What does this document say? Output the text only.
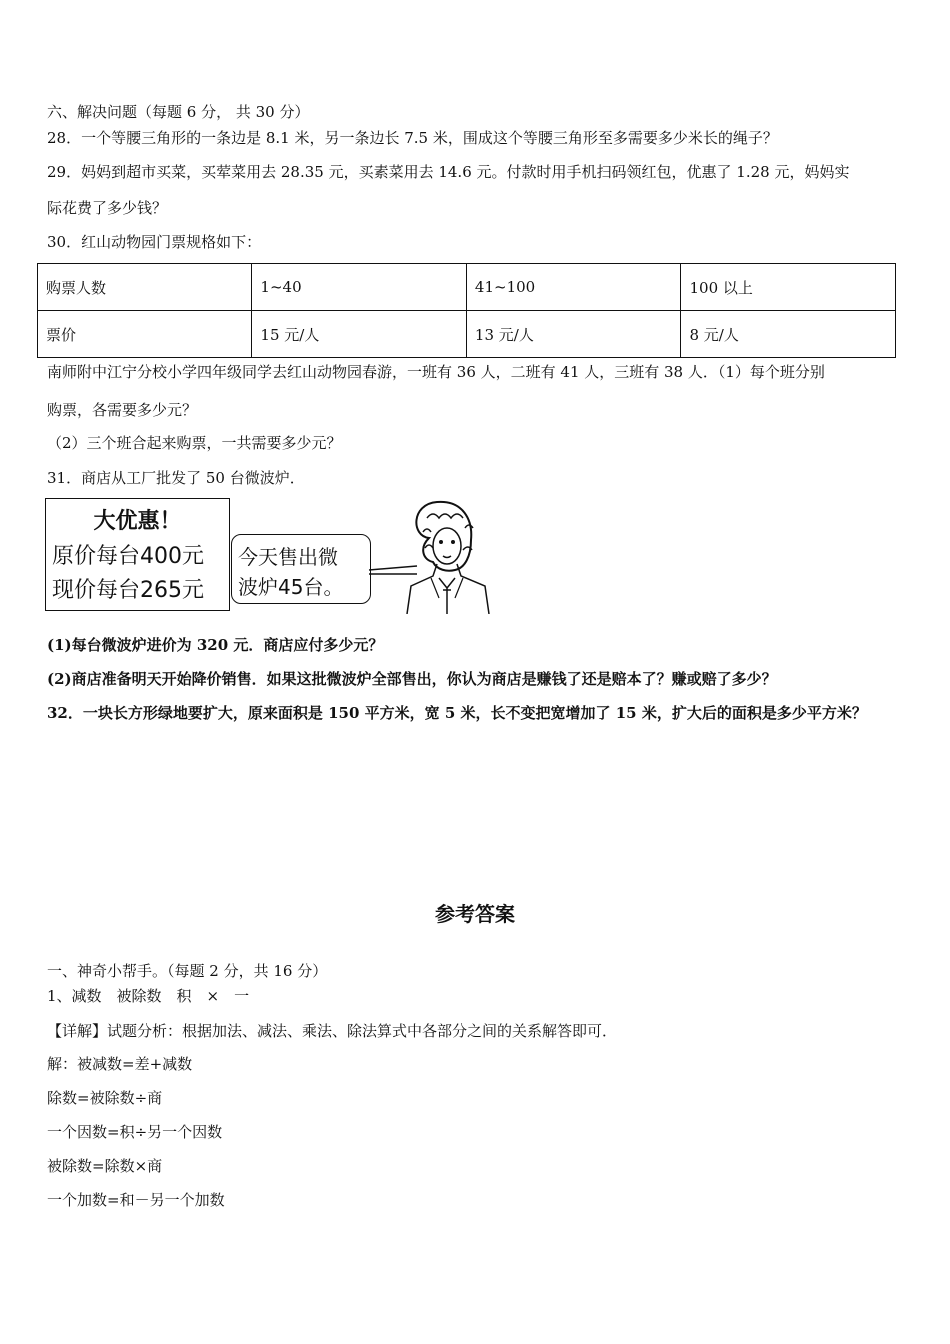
六、解决问题（每题 6 分， 共 30 分）
28．一个等腰三角形的一条边是 8.1 米，另一条边长 7.5 米，围成这个等腰三角形至多需要多少米长的绳子？
29．妈妈到超市买菜，买荤菜用去 28.35 元，买素菜用去 14.6 元。付款时用手机扫码领红包，优惠了 1.28 元，妈妈实
际花费了多少钱？
30．红山动物园门票规格如下：
购票人数	1~40	41~100	100 以上
票价	15 元/人	13 元/人	8 元/人
南师附中江宁分校小学四年级同学去红山动物园春游，一班有 36 人，二班有 41 人，三班有 38 人．（1）每个班分别
购票，各需要多少元？
（2）三个班合起来购票，一共需要多少元？
31．商店从工厂批发了 50 台微波炉．
大优惠！
原价每台400元
现价每台265元
今天售出微
波炉45台。
(1)每台微波炉进价为 320 元．商店应付多少元？
(2)商店准备明天开始降价销售．如果这批微波炉全部售出，你认为商店是赚钱了还是赔本了？赚或赔了多少？
32．一块长方形绿地要扩大，原来面积是 150 平方米，宽 5 米，长不变把宽增加了 15 米，扩大后的面积是多少平方米？
参考答案
一、神奇小帮手。（每题 2 分，共 16 分）
1、减数　被除数　积　×　一
【详解】试题分析：根据加法、减法、乘法、除法算式中各部分之间的关系解答即可．
解：被减数=差+减数
除数=被除数÷商
一个因数=积÷另一个因数
被除数=除数×商
一个加数=和－另一个加数
